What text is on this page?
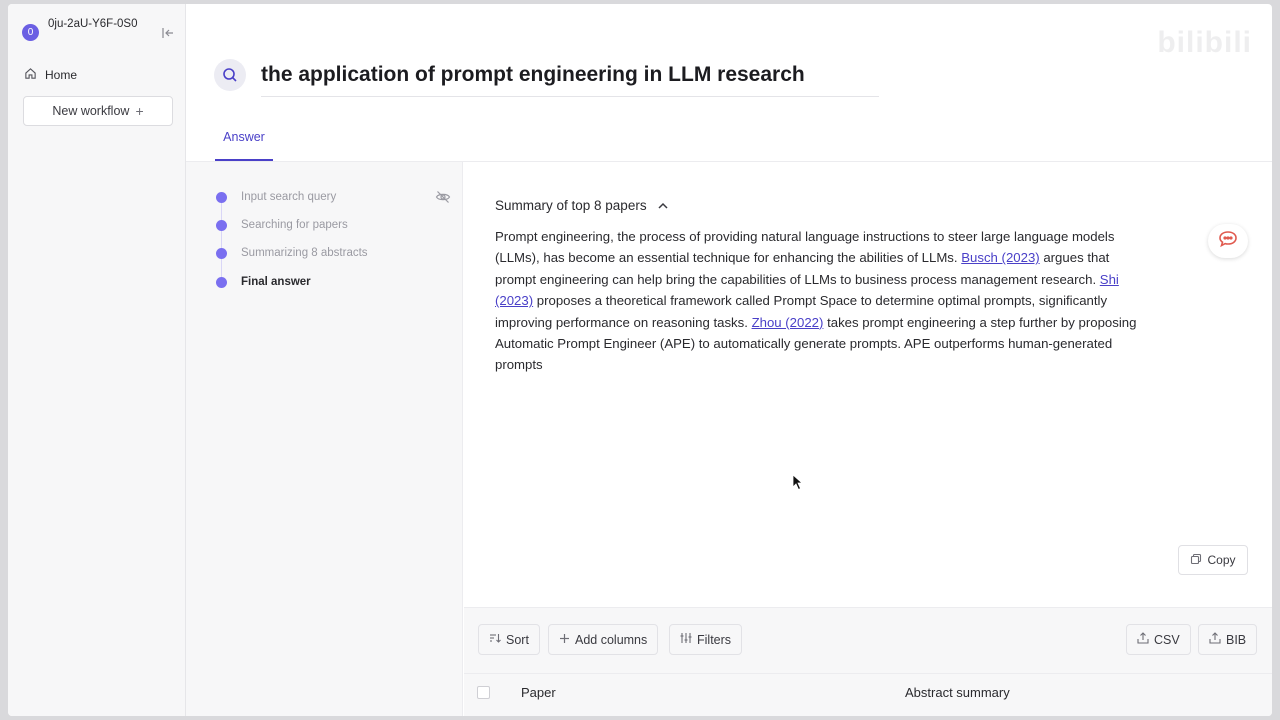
0
0ju-2aU-Y6F-0S0
Home
New workflow +
bilibili
the application of prompt engineering in LLM research
Answer
Input search query
Searching for papers
Summarizing 8 abstracts
Final answer
Summary of top 8 papers

Prompt engineering, the process of providing natural language instructions to steer large language models (LLMs), has become an essential technique for enhancing the abilities of LLMs. Busch (2023) argues that prompt engineering can help bring the capabilities of LLMs to business process management research. Shi (2023) proposes a theoretical framework called Prompt Space to determine optimal prompts, significantly improving performance on reasoning tasks. Zhou (2022) takes prompt engineering a step further by proposing Automatic Prompt Engineer (APE) to automatically generate prompts. APE outperforms human-generated prompts

Copy
Sort	Add columns	Filters	CSV	BIB
Paper	Abstract summary
